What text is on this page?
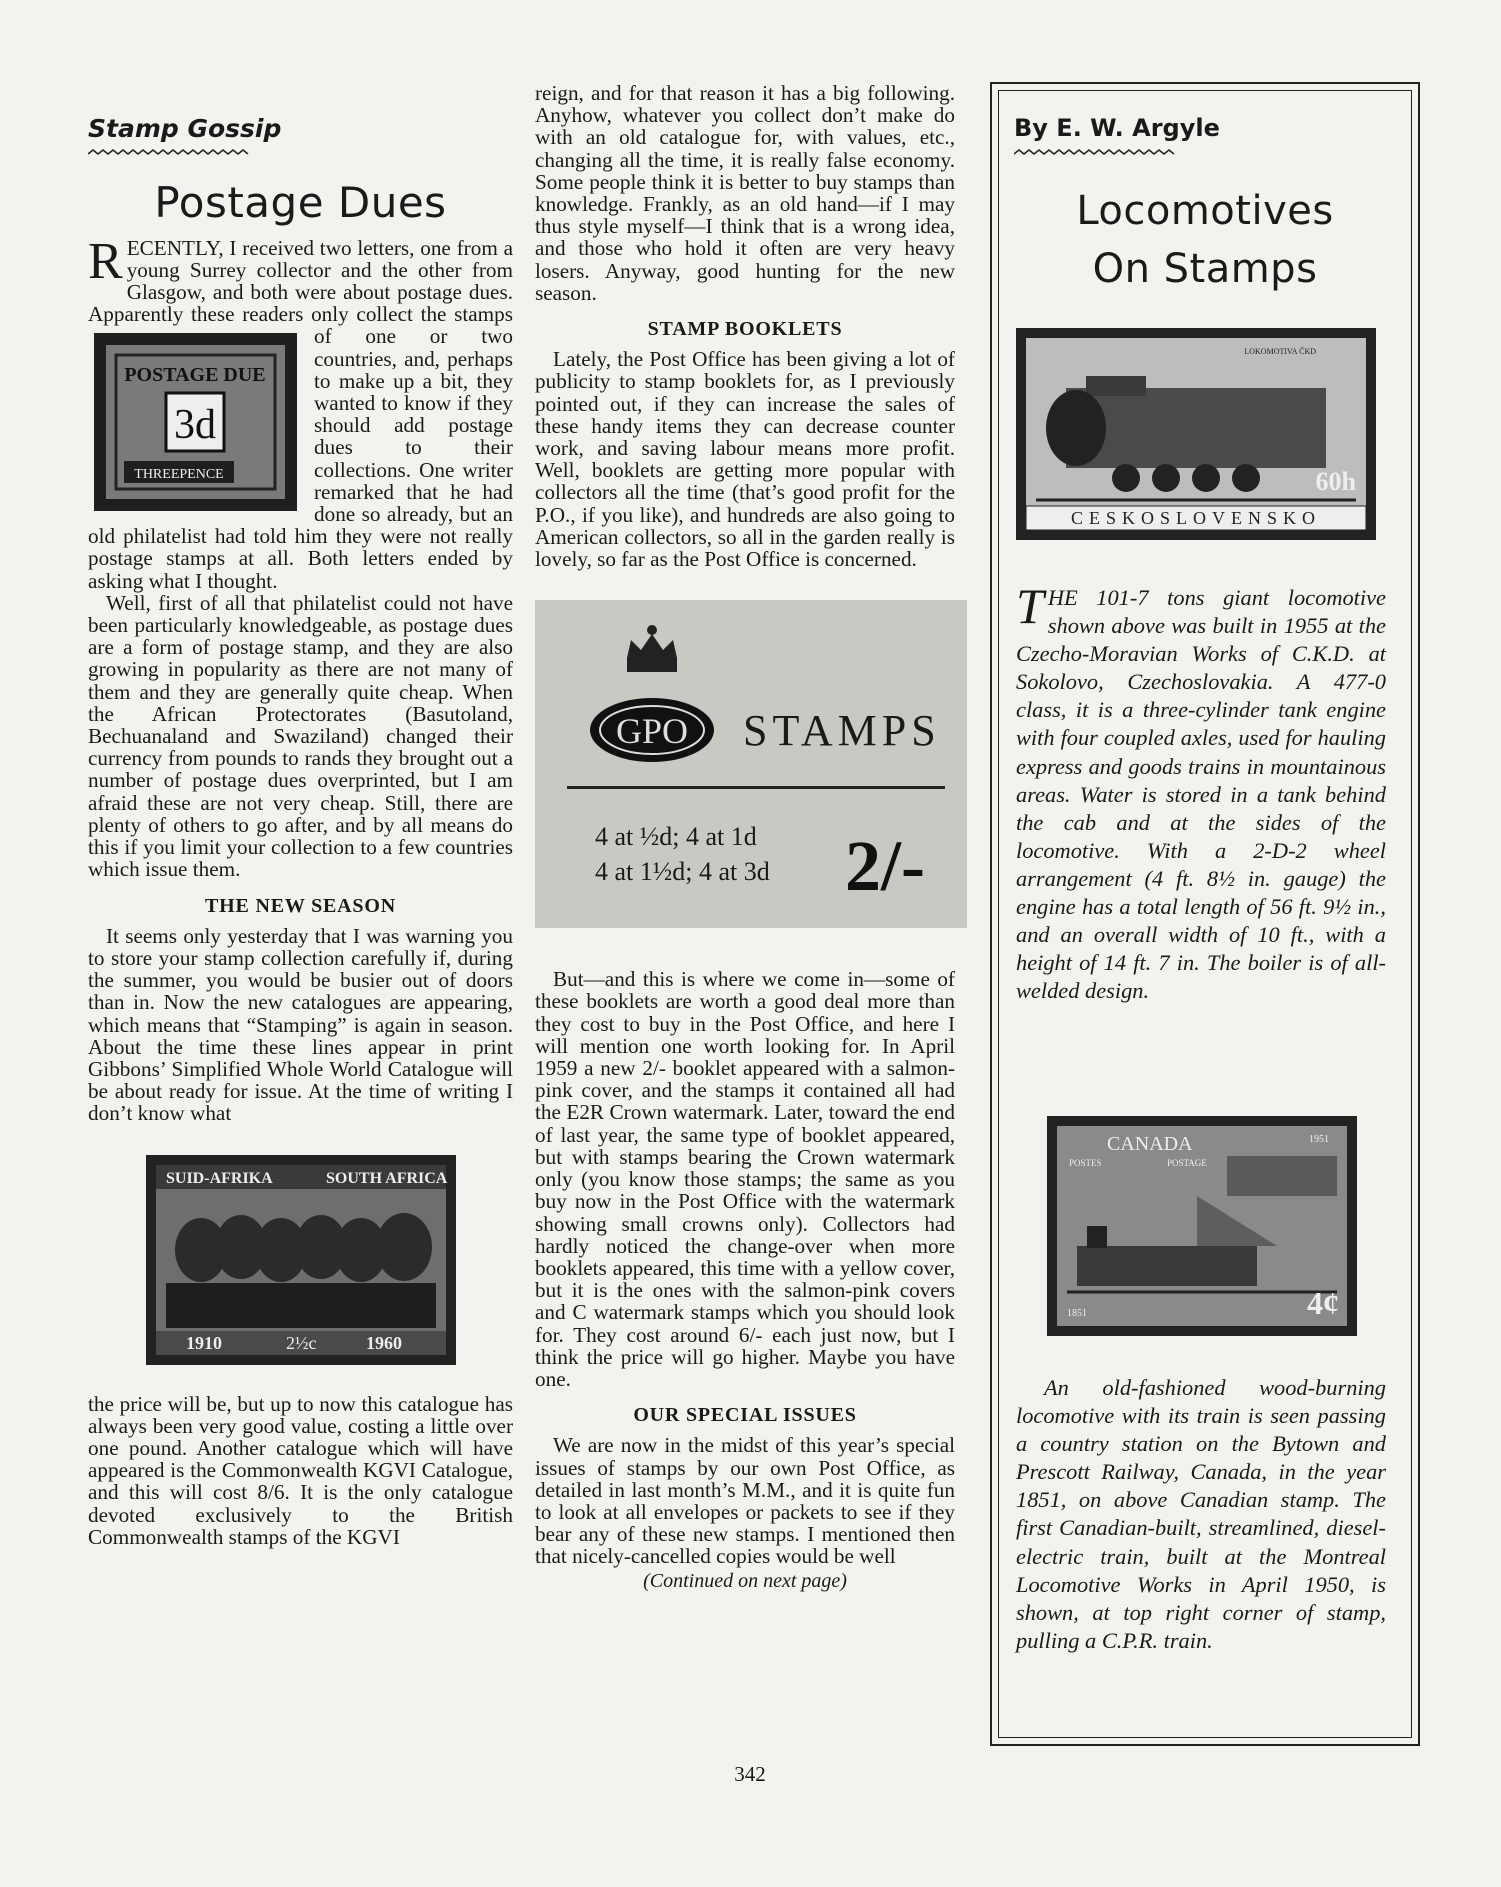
Stamp Gossip

Postage Dues

R ECENTLY, I received two letters, one from a young Surrey collector and the other from Glasgow, and both were about postage dues. Apparently these readers only collect the stamps of one or
two countries, and, perhaps to make up a bit, they wanted to know if they should add postage dues to their collections. One writer remarked that he had done so already, but an old philatelist had told him they were not really postage stamps at all. Both letters ended by asking what I thought.

Well, first of all that philatelist could not have been particularly knowledgeable, as postage dues are a form of postage stamp, and they are also growing in popularity as there are not many of them and they are generally quite cheap. When the African Protectorates (Basutoland, Bechuanaland and Swaziland) changed their currency from pounds to rands they brought out a number of postage dues overprinted, but I am afraid these are not very cheap. Still, there are plenty of others to go after, and by all means do this if you limit your collection to a few countries which issue them.

THE NEW SEASON

It seems only yesterday that I was warning you to store your stamp collection carefully if, during the summer, you would be busier out of doors than in. Now the new catalogues are appearing, which means that “Stamping” is again in season. About the time these lines appear in print Gibbons’ Simplified Whole World Catalogue will be about ready for issue. At the time of writing I don’t know what

SUID-AFRIKA	SOUTH AFRICA
1910	2½c	1960

the price will be, but up to now this catalogue has always been very good value, costing a little over one pound. Another catalogue which will have appeared is the Commonwealth KGVI Catalogue, and this will cost 8/6. It is the only catalogue devoted exclusively to the British Commonwealth stamps of the KGVI

POSTAGE DUE
3d
THREEPENCE

reign, and for that reason it has a big following. Anyhow, whatever you collect don’t make do with an old catalogue for, with values, etc., changing all the time, it is really false economy. Some people think it is better to buy stamps than knowledge. Frankly, as an old hand—if I may thus style myself—I think that is a wrong idea, and those who hold it often are very heavy losers. Anyway, good hunting for the new season.

STAMP BOOKLETS

Lately, the Post Office has been giving a lot of publicity to stamp booklets for, as I previously pointed out, if they can increase the sales of these handy items they can decrease counter work, and saving labour means more profit. Well, booklets are getting more popular with collectors all the time (that’s good profit for the P.O., if you like), and hundreds are also going to American collectors, so all in the garden really is lovely, so far as the Post Office is concerned.

GPO STAMPS
4 at ½d; 4 at 1d
4 at 1½d; 4 at 3d 2/-

But—and this is where we come in—some of these booklets are worth a good deal more than they cost to buy in the Post Office, and here I will mention one worth looking for. In April 1959 a new 2/- booklet appeared with a salmon-pink cover, and the stamps it contained all had the E2R Crown watermark. Later, toward the end of last year, the same type of booklet appeared, but with stamps bearing the Crown watermark only (you know those stamps; the same as you buy now in the Post Office with the watermark showing small crowns only). Collectors had hardly noticed the change-over when more booklets appeared, this time with a yellow cover, but it is the ones with the salmon-pink covers and C watermark stamps which you should look for. They cost around 6/- each just now, but I think the price will go higher. Maybe you have one.

OUR SPECIAL ISSUES

We are now in the midst of this year’s special issues of stamps by our own Post Office, as detailed in last month’s M.M., and it is quite fun to look at all envelopes or packets to see if they bear any of these new stamps. I mentioned then that nicely-cancelled copies would be well

(Continued on next page)

By E. W. Argyle

Locomotives
On Stamps
LOKOMOTIVA ČKD
60h
CESKOSLOVENSKO

THE 101-7 tons giant locomotive shown above was built in 1955 at the Czecho-Moravian Works of C.K.D. at Sokolovo, Czechoslovakia. A 477-0 class, it is a three-cylinder tank engine with four coupled axles, used for hauling express and goods trains in mountainous areas. Water is stored in a tank behind the cab and at the sides of the locomotive. With a 2-D-2 wheel arrangement (4 ft. 8½ in. gauge) the engine has a total length of 56 ft. 9½ in., and an overall width of 10 ft., with a height of 14 ft. 7 in. The boiler is of all-welded design.

CANADA
POSTES	POSTAGE
1951
1851	4¢

An old-fashioned wood-burning locomotive with its train is seen passing a country station on the Bytown and Prescott Railway, Canada, in the year 1851, on above Canadian stamp. The first Canadian-built, streamlined, diesel-electric train, built at the Montreal Locomotive Works in April 1950, is shown, at top right corner of stamp, pulling a C.P.R. train.

342
